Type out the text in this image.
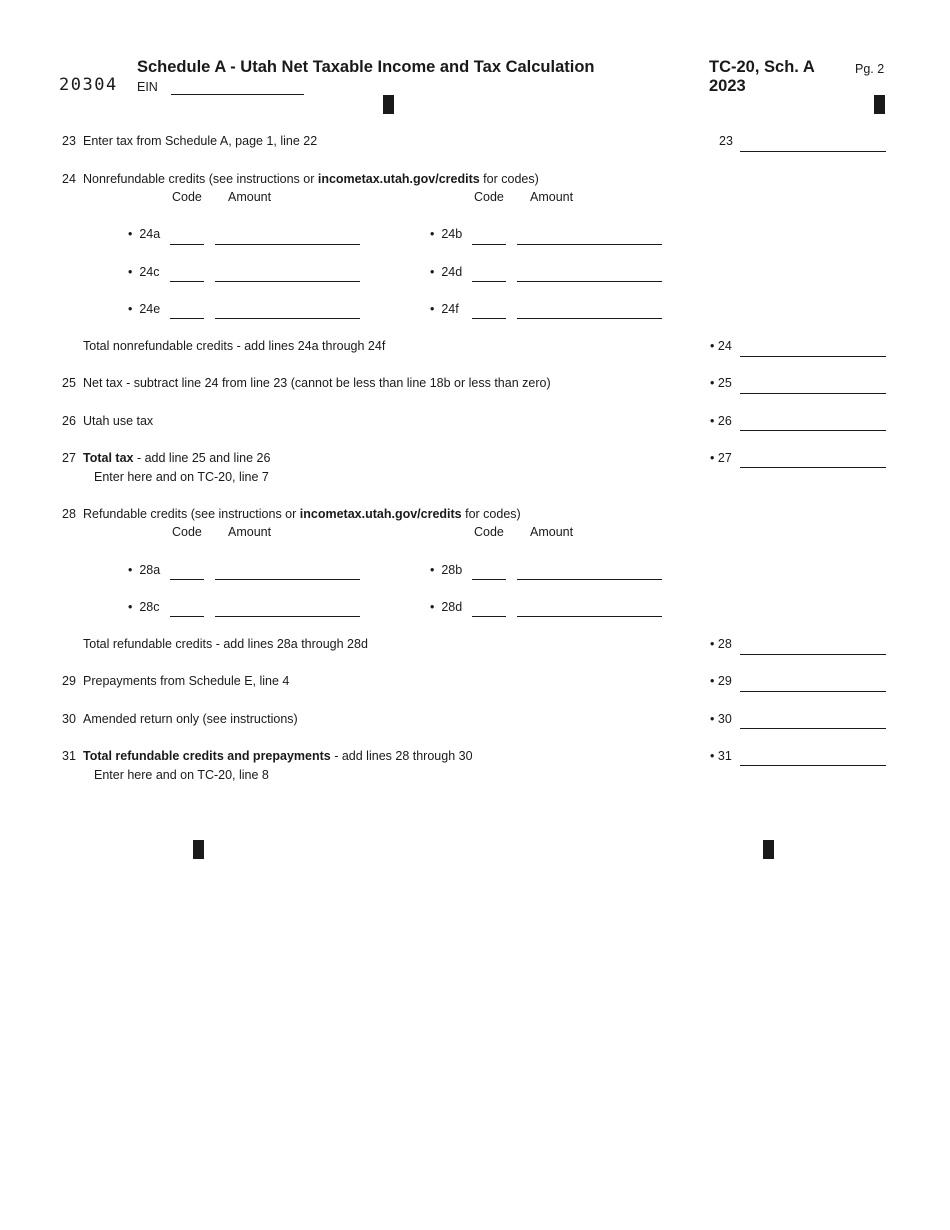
20304
Schedule A - Utah Net Taxable Income and Tax Calculation
EIN
TC-20, Sch. A
2023
Pg. 2
23 Enter tax from Schedule A, page 1, line 22	23
24 Nonrefundable credits (see instructions or incometax.utah.gov/credits for codes)
Code Amount	Code Amount
• 24a	• 24b
• 24c	• 24d
• 24e	• 24f
Total nonrefundable credits - add lines 24a through 24f	• 24
25 Net tax - subtract line 24 from line 23 (cannot be less than line 18b or less than zero)	• 25
26 Utah use tax	• 26
27 Total tax - add line 25 and line 26
Enter here and on TC-20, line 7
• 27
28 Refundable credits (see instructions or incometax.utah.gov/credits for codes)
Code Amount	Code Amount
• 28a	• 28b
• 28c	• 28d
Total refundable credits - add lines 28a through 28d	• 28
29 Prepayments from Schedule E, line 4	• 29
30 Amended return only (see instructions)	• 30
31 Total refundable credits and prepayments - add lines 28 through 30
Enter here and on TC-20, line 8
• 31
